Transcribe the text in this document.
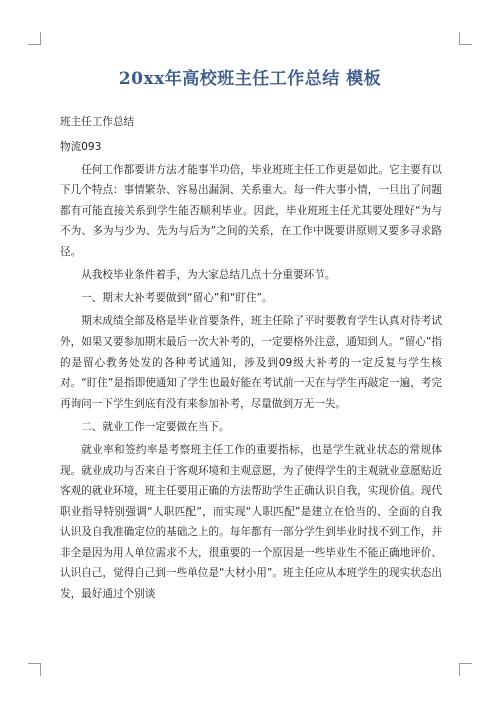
20xx年高校班主任工作总结 模板

班主任工作总结

物流093

任何工作都要讲方法才能事半功倍，毕业班班主任工作更是如此。它主要有以下几个特点：事情繁杂、容易出漏洞、关系重大。每一件大事小情，一旦出了问题都有可能直接关系到学生能否顺利毕业。因此，毕业班班主任尤其要处理好“为与不为、多为与少为、先为与后为”之间的关系，在工作中既要讲原则又要多寻求路径。

从我校毕业条件着手，为大家总结几点十分重要环节。

一、期末大补考要做到“留心”和“盯住”。

期末成绩全部及格是毕业首要条件，班主任除了平时要教育学生认真对待考试外，如果又要参加期末最后一次大补考的，一定要格外注意，通知到人。“留心”指的是留心教务处发的各种考试通知，涉及到09级大补考的一定反复与学生核对。“盯住”是指即使通知了学生也最好能在考试前一天在与学生再敲定一遍，考完再询问一下学生到底有没有来参加补考，尽量做到万无一失。

二、就业工作一定要做在当下。

就业率和签约率是考察班主任工作的重要指标，也是学生就业状态的常规体现。就业成功与否来自于客观环境和主观意愿，为了使得学生的主观就业意愿贴近客观的就业环境，班主任要用正确的方法帮助学生正确认识自我，实现价值。现代职业指导特别强调“人职匹配”，而实现“人职匹配”是建立在恰当的、全面的自我认识及自我准确定位的基础之上的。每年都有一部分学生到毕业时找不到工作，并非全是因为用人单位需求不大，很重要的一个原因是一些毕业生不能正确地评价、认识自己，觉得自己到一些单位是“大材小用”。班主任应从本班学生的现实状态出发，最好通过个别谈
